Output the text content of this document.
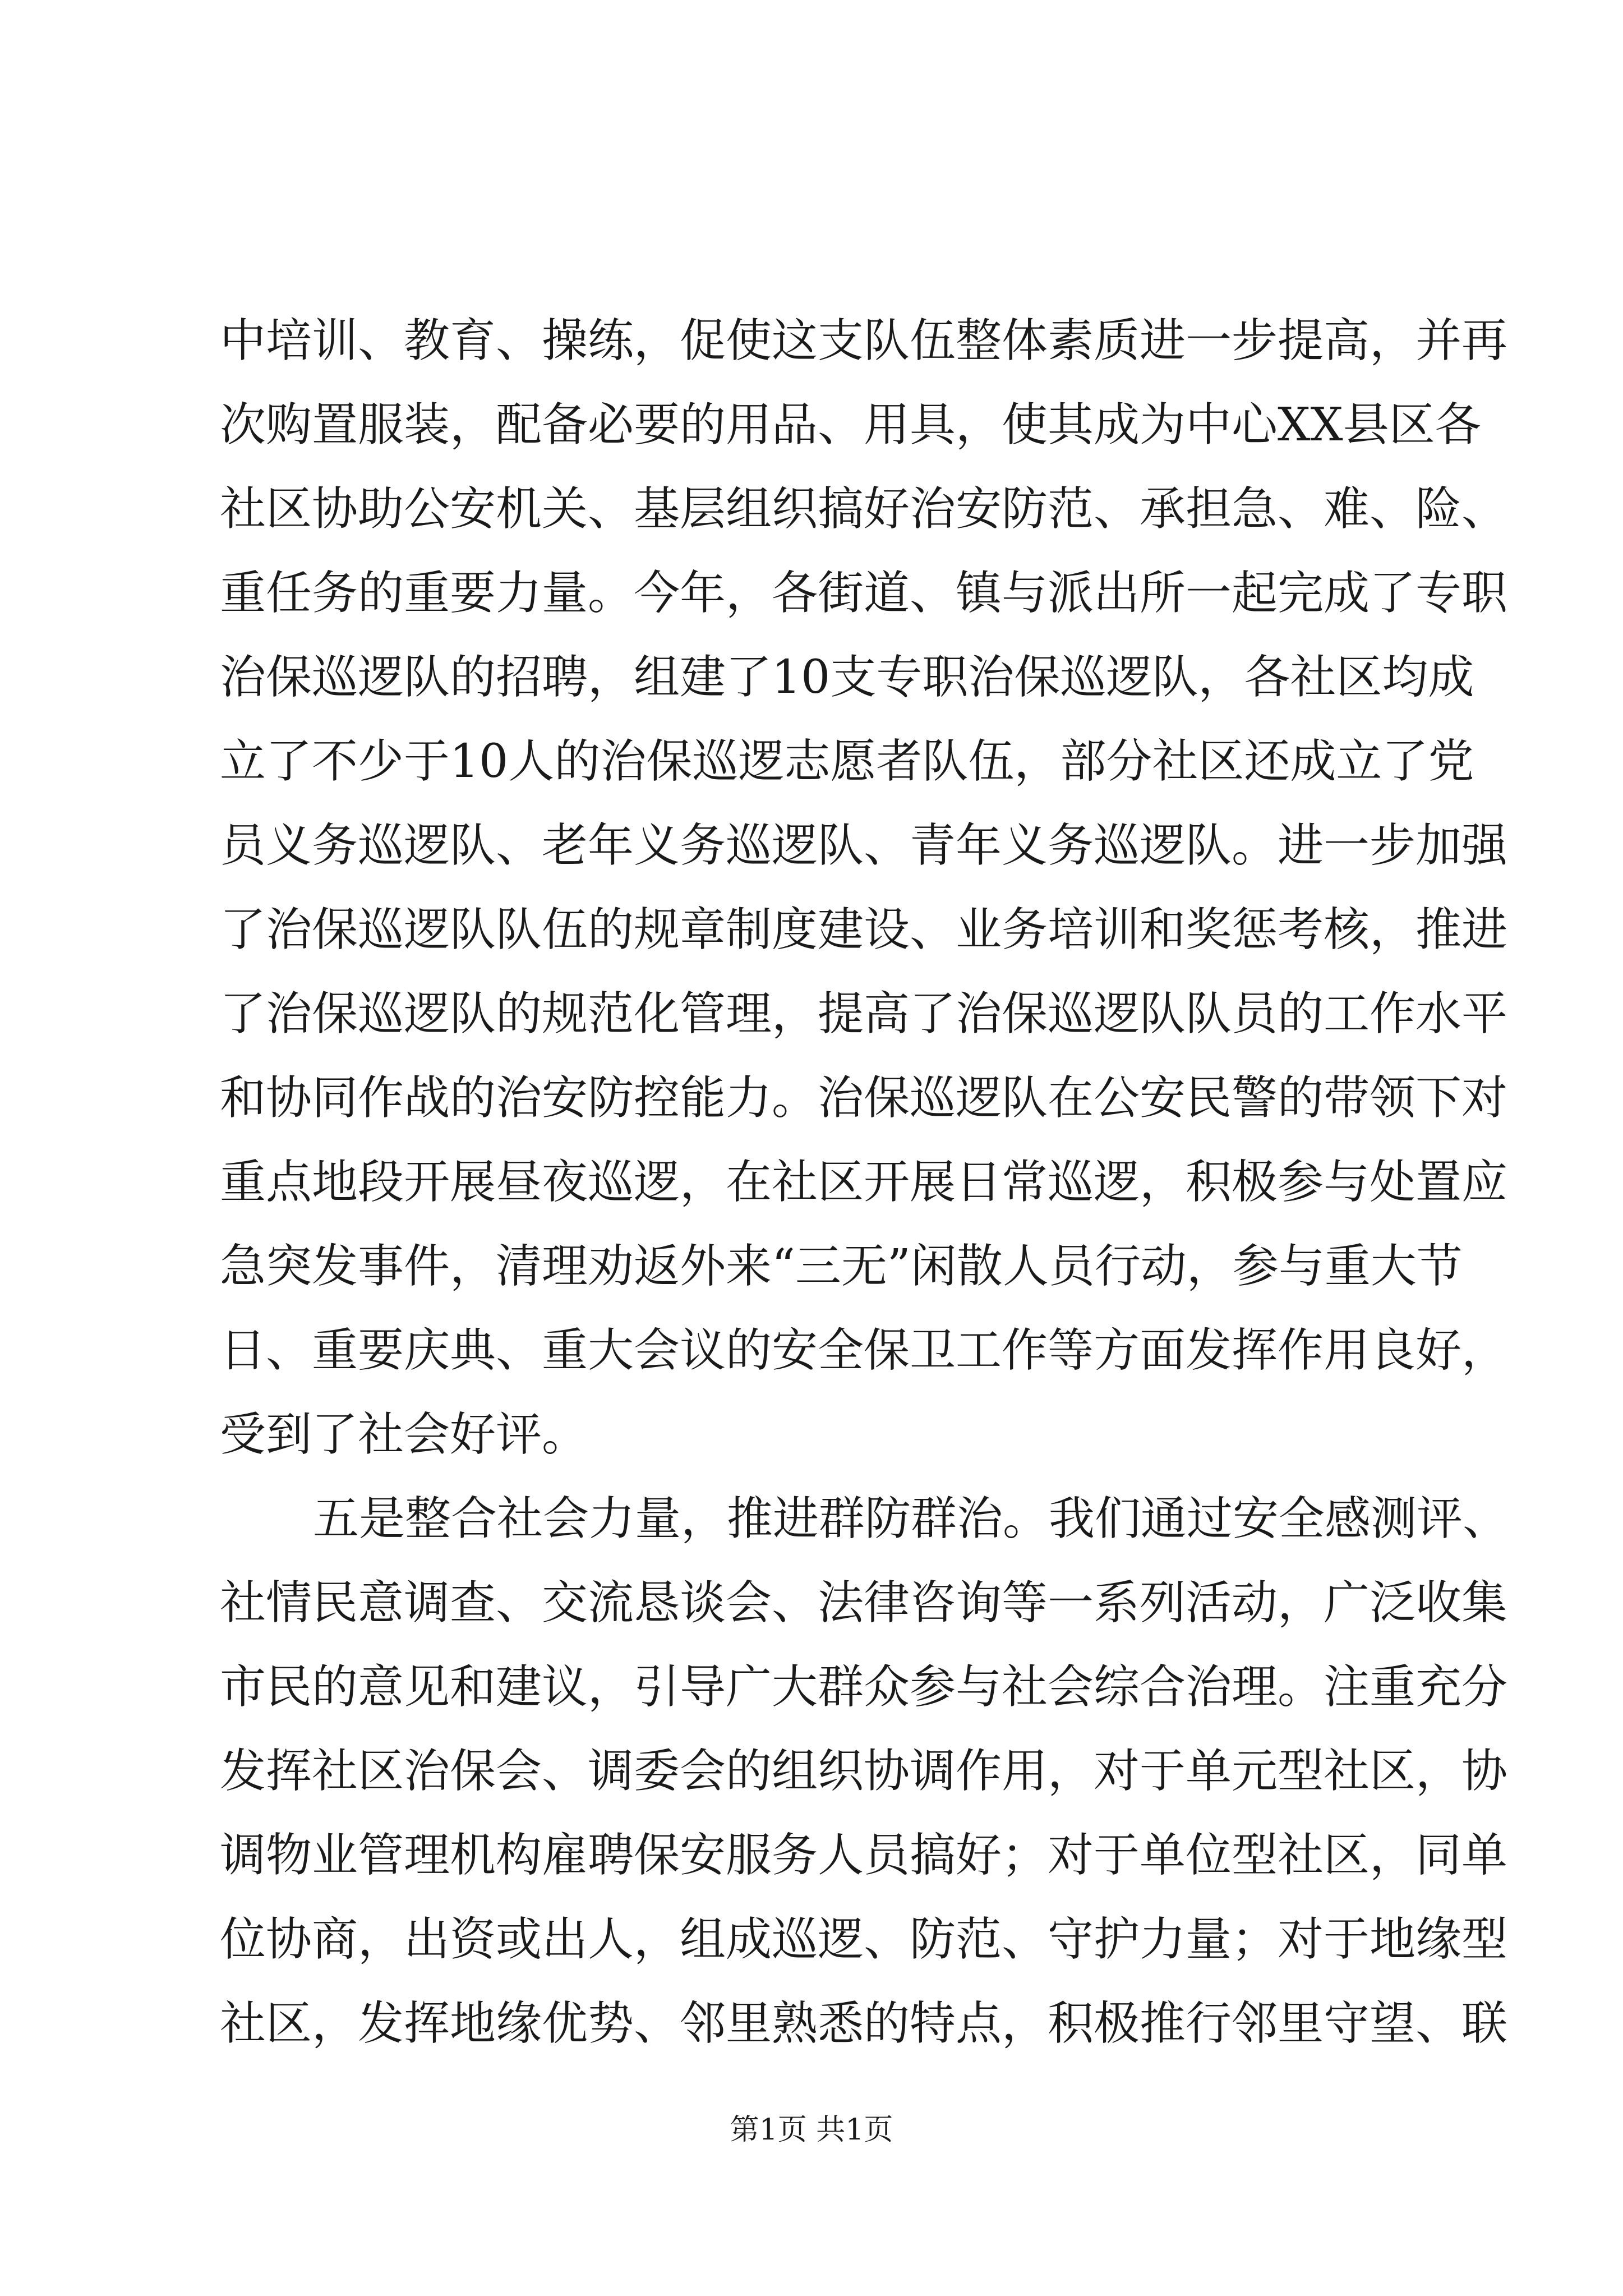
中培训、教育、操练，促使这支队伍整体素质进一步提高，并再
次购置服装，配备必要的用品、用具，使其成为中心XX县区各
社区协助公安机关、基层组织搞好治安防范、承担急、难、险、
重任务的重要力量。今年，各街道、镇与派出所一起完成了专职
治保巡逻队的招聘，组建了10支专职治保巡逻队，各社区均成
立了不少于10人的治保巡逻志愿者队伍，部分社区还成立了党
员义务巡逻队、老年义务巡逻队、青年义务巡逻队。进一步加强
了治保巡逻队队伍的规章制度建设、业务培训和奖惩考核，推进
了治保巡逻队的规范化管理，提高了治保巡逻队队员的工作水平
和协同作战的治安防控能力。治保巡逻队在公安民警的带领下对
重点地段开展昼夜巡逻，在社区开展日常巡逻，积极参与处置应
急突发事件，清理劝返外来“三无”闲散人员行动，参与重大节
日、重要庆典、重大会议的安全保卫工作等方面发挥作用良好，
受到了社会好评。
五是整合社会力量，推进群防群治。我们通过安全感测评、
社情民意调查、交流恳谈会、法律咨询等一系列活动，广泛收集
市民的意见和建议，引导广大群众参与社会综合治理。注重充分
发挥社区治保会、调委会的组织协调作用，对于单元型社区，协
调物业管理机构雇聘保安服务人员搞好；对于单位型社区，同单
位协商，出资或出人，组成巡逻、防范、守护力量；对于地缘型
社区，发挥地缘优势、邻里熟悉的特点，积极推行邻里守望、联
第1页 共1页
